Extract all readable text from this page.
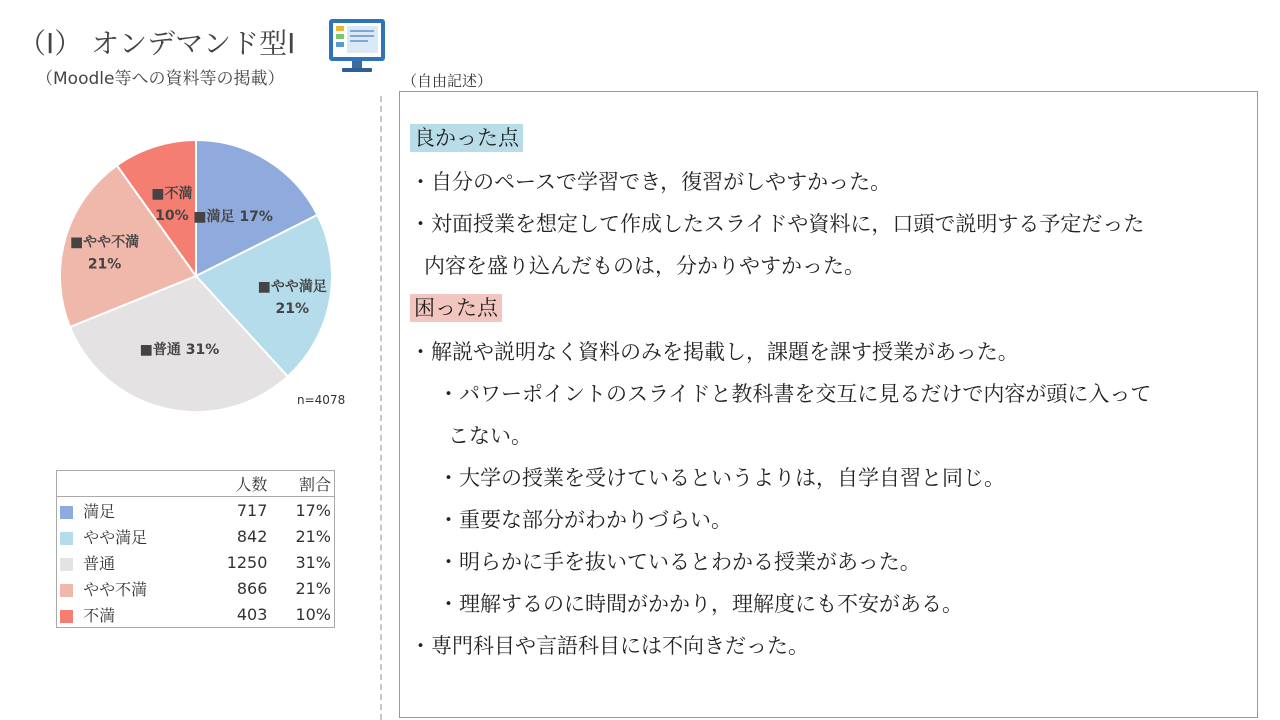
（Ⅰ） オンデマンド型Ⅰ
（Moodle等への資料等の掲載）
■満足 17%
■やや満足 21%
■普通 31%
■やや不満 21%
■不満 10%
n=4078
	人数	割合
満足	717	17%
やや満足	842	21%
普通	1250	31%
やや不満	866	21%
不満	403	10%
（自由記述）
良かった点
・自分のペースで学習でき，復習がしやすかった。
・対面授業を想定して作成したスライドや資料に，口頭で説明する予定だった
内容を盛り込んだものは，分かりやすかった。
困った点
・解説や説明なく資料のみを掲載し，課題を課す授業があった。
・パワーポイントのスライドと教科書を交互に見るだけで内容が頭に入って
こない。
・大学の授業を受けているというよりは，自学自習と同じ。
・重要な部分がわかりづらい。
・明らかに手を抜いているとわかる授業があった。
・理解するのに時間がかかり，理解度にも不安がある。
・専門科目や言語科目には不向きだった。
